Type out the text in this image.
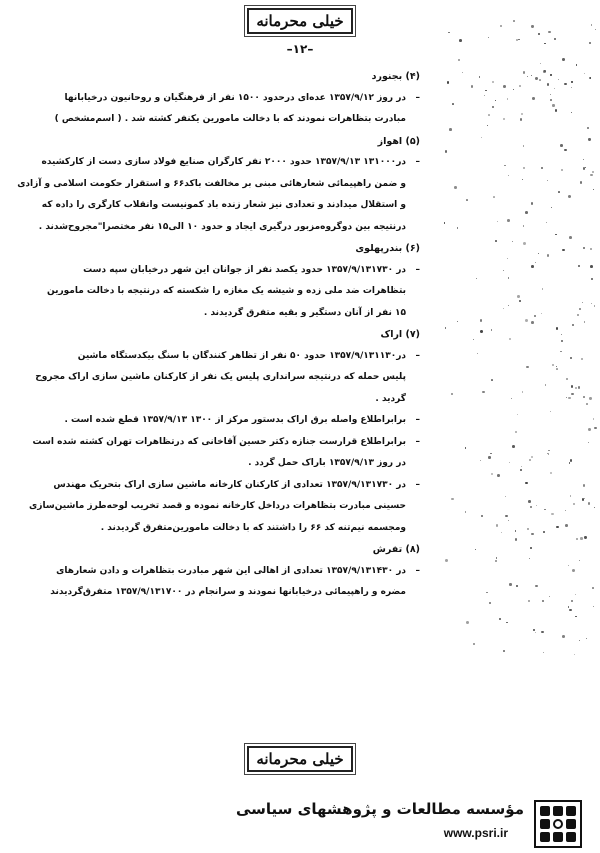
خیلی محرمانه
–۱۲–
(۴) بجنورد
– در روز ۱۳۵۷/۹/۱۲ عده‌ای درحدود ۱۵۰۰ نفر از فرهنگیان و روحانیون درخیابانها
مبادرت بتظاهرات نمودند که با دخالت مامورین یکنفر کشته شد . ( اسم‌مشخص )
(۵) اهواز
– در۱۳۱۰۰۰ ۱۳۵۷/۹/۱۳ حدود ۲۰۰۰ نفر کارگران صنایع فولاد سازی دست از کارکشیده
و ضمن راهپیمائی شعارهائی مبنی بر مخالفت باکد۶۶ و استقرار حکومت اسلامی و آزادی
و استقلال میدادند و تعدادی نیز شعار زنده باد کمونیست وانقلاب کارگری را داده که
درنتیجه بین دوگروه‌مزبور درگیری ایجاد و حدود ۱۰ الی۱۵ نفر مختصرا"مجروح‌شدند .
(۶) بندرپهلوی
– در ۱۳۵۷/۹/۱۳۱۷۳۰ حدود یکصد نفر از جوانان این شهر درخیابان سپه دست
بتظاهرات ضد ملی زده و شیشه یک مغازه را شکسته که درنتیجه با دخالت مامورین
۱۵ نفر از آنان دستگیر و بقیه متفرق گردیدند .
(۷) اراک
– در۱۳۵۷/۹/۱۳۱۱۳۰ حدود ۵۰ نفر از تظاهر کنندگان با سنگ بیکدستگاه ماشین
پلیس حمله که درنتیجه سرانداری پلیس یک نفر از کارکنان ماشین سازی اراک مجروح
گردید .
– برابراطلاع واصله برق اراک بدستور مرکز از ۱۳۰۰ ۱۳۵۷/۹/۱۳ قطع شده است .
– برابراطلاع قرارست جنازه دکتر حسین آقاخانی که درتظاهرات تهران کشته شده است
در روز ۱۳۵۷/۹/۱۳ باراک حمل گردد .
– در ۱۳۵۷/۹/۱۳۱۷۳۰ تعدادی از کارکنان کارخانه ماشین سازی اراک بتحریک مهندس
حسینی مبادرت بتظاهرات دردا‌خل کارخانه نموده و قصد تخریب لوحه‌طرز ماشین‌سازی
ومجسمه نیم‌تنه کد ۶۶ را داشتند که با دخالت مامورین‌متفرق گردیدند .
(۸) تفرش
– در ۱۳۵۷/۹/۱۳۱۴۳۰ تعدادی از اهالی این شهر مبادرت بتظاهرات و دادن شعارهای
مضره و راهپیمائی درخیابانها نمودند و سرانجام در ۱۳۵۷/۹/۱۳۱۷۰۰ متفرق‌گردیدند
خیلی محرمانه
مؤسسه مطالعات و پژوهشهای سیاسی
www.psri.ir
